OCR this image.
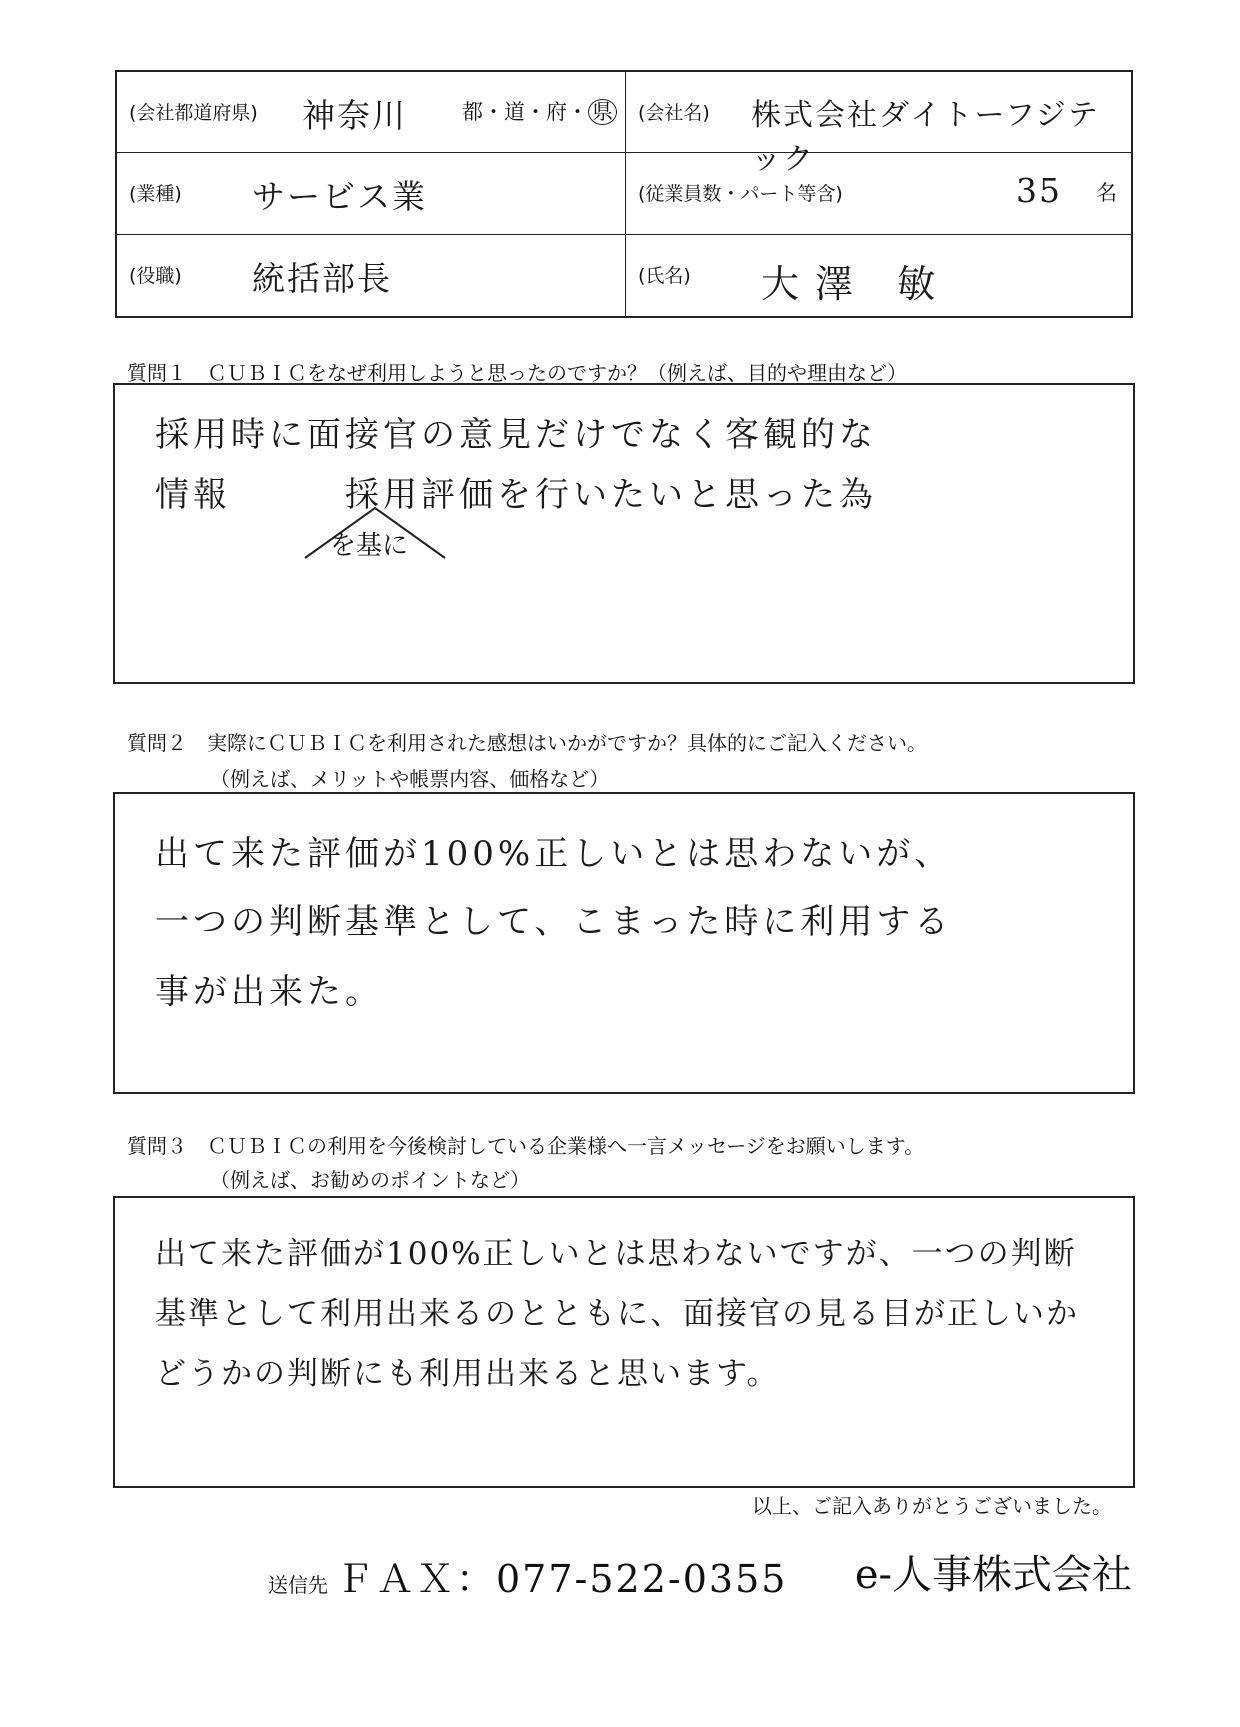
(会社都道府県) 神奈川	都・道・府・ 県 (会社名) 株式会社ダイトーフジテック
(業種) サービス業	(従業員数・パート等含)	35 名
(役職) 統括部長	(氏名) 大澤 敏
質問１　ＣＵＢＩＣをなぜ利用しようと思ったのですか？（例えば、目的や理由など）
採用時に面接官の意見だけでなく客観的な
情報　　　採用評価を行いたいと思った為
を基に
質問２　実際にＣＵＢＩＣを利用された感想はいかがですか？具体的にご記入ください。
（例えば、メリットや帳票内容、価格など）
出て来た評価が100%正しいとは思わないが、
一つの判断基準として、こまった時に利用する
事が出来た。
質問３　ＣＵＢＩＣの利用を今後検討している企業様へ一言メッセージをお願いします。
（例えば、お勧めのポイントなど）
出て来た評価が100%正しいとは思わないですが、一つの判断
基準として利用出来るのとともに、面接官の見る目が正しいか
どうかの判断にも利用出来ると思います。
以上、ご記入ありがとうございました。
送信先 ＦＡＸ：077-522-0355 e-人事株式会社
